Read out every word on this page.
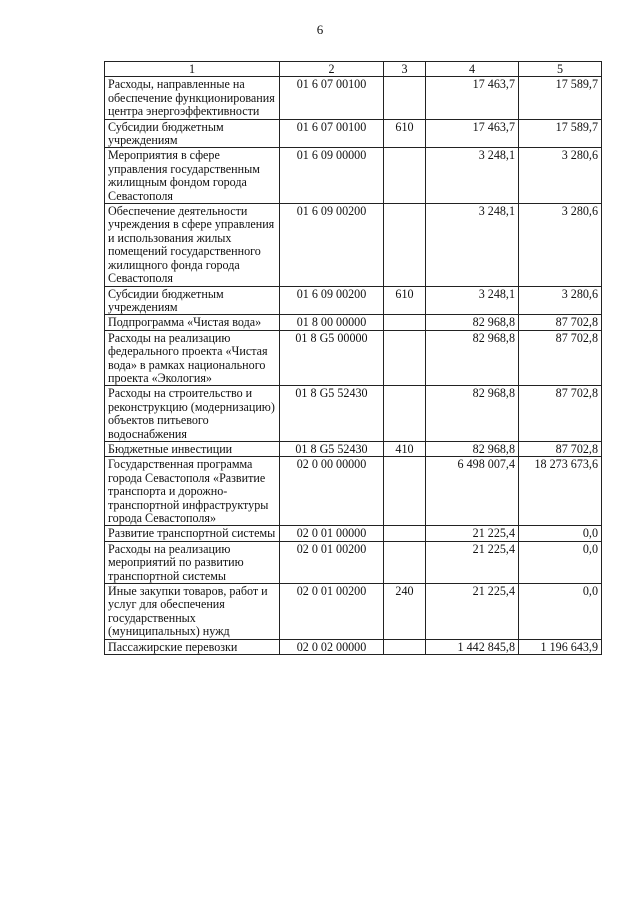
6
1	2	3	4	5
Расходы, направленные на обеспечение функционирования центра энергоэффективности	01 6 07 00100		17 463,7	17 589,7
Субсидии бюджетным учреждениям	01 6 07 00100	610	17 463,7	17 589,7
Мероприятия в сфере управления государственным жилищным фондом города Севастополя	01 6 09 00000		3 248,1	3 280,6
Обеспечение деятельности учреждения в сфере управления и использования жилых помещений государственного жилищного фонда города Севастополя	01 6 09 00200		3 248,1	3 280,6
Субсидии бюджетным учреждениям	01 6 09 00200	610	3 248,1	3 280,6
Подпрограмма «Чистая вода»	01 8 00 00000		82 968,8	87 702,8
Расходы на реализацию федерального проекта «Чистая вода» в рамках национального проекта «Экология»	01 8 G5 00000		82 968,8	87 702,8
Расходы на строительство и реконструкцию (модернизацию) объектов питьевого водоснабжения	01 8 G5 52430		82 968,8	87 702,8
Бюджетные инвестиции	01 8 G5 52430	410	82 968,8	87 702,8
Государственная программа города Севастополя «Развитие транспорта и дорожно-транспортной инфраструктуры города Севастополя»	02 0 00 00000		6 498 007,4	18 273 673,6
Развитие транспортной системы	02 0 01 00000		21 225,4	0,0
Расходы на реализацию мероприятий по развитию транспортной системы	02 0 01 00200		21 225,4	0,0
Иные закупки товаров, работ и услуг для обеспечения государственных (муниципальных) нужд	02 0 01 00200	240	21 225,4	0,0
Пассажирские перевозки	02 0 02 00000		1 442 845,8	1 196 643,9
